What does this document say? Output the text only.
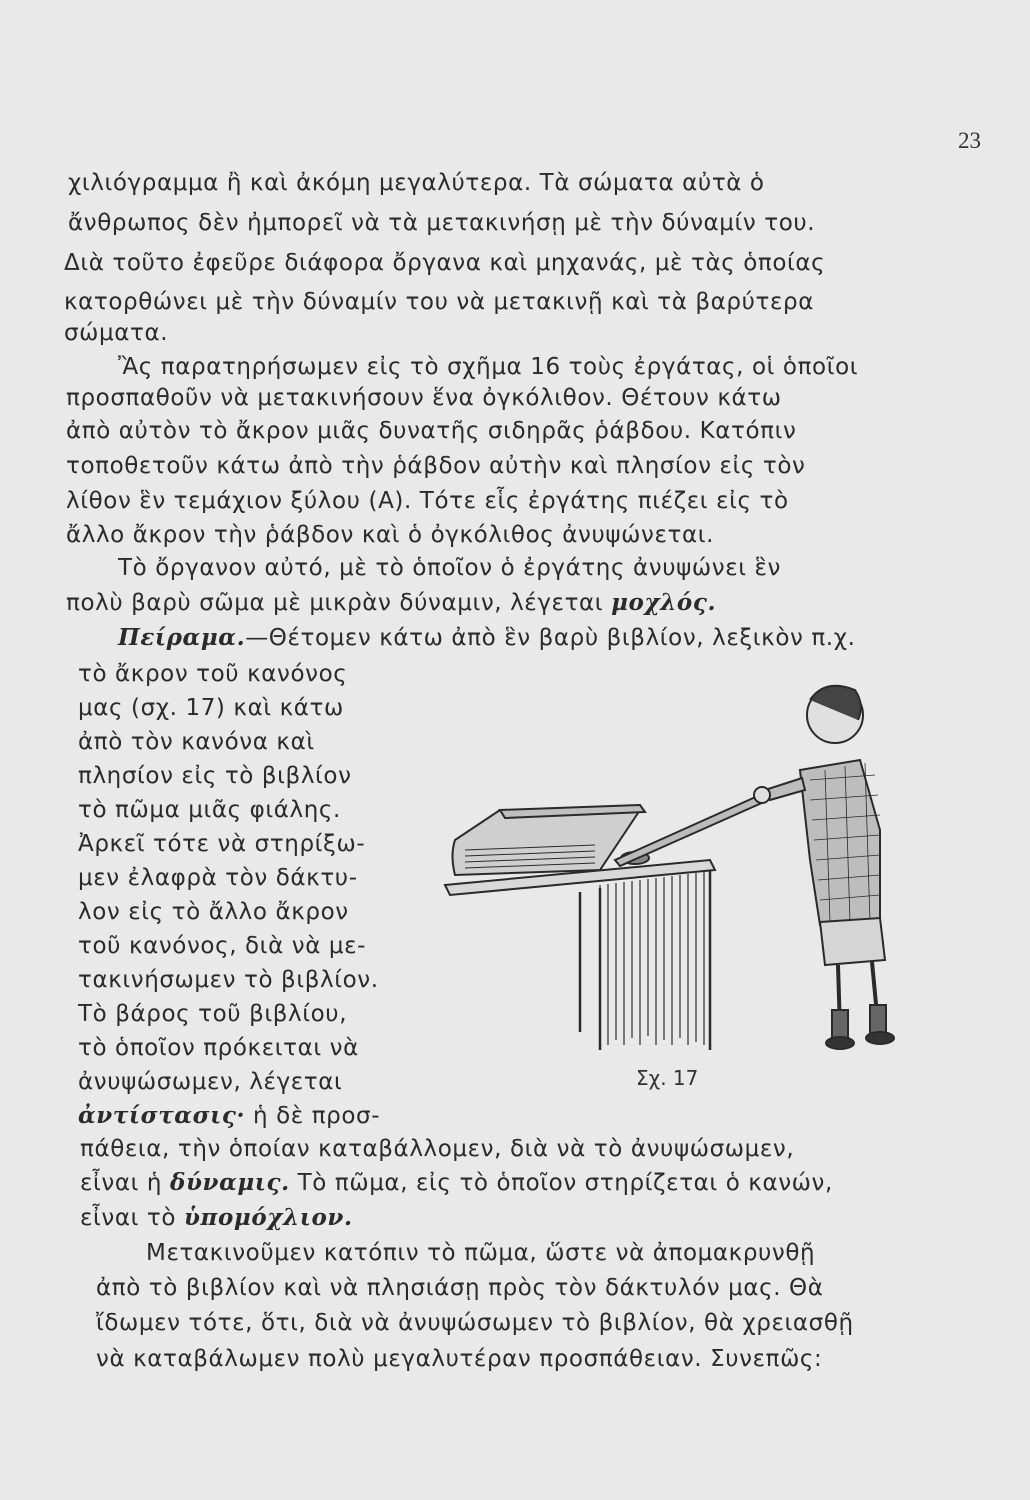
23
χιλιόγραμμα ἢ καὶ ἀκόμη μεγαλύτερα. Τὰ σώματα αὐτὰ ὁ
ἄνθρωπος δὲν ἠμπορεῖ νὰ τὰ μετακινήσῃ μὲ τὴν δύναμίν του.
Διὰ τοῦτο ἐφεῦρε διάφορα ὄργανα καὶ μηχανάς, μὲ τὰς ὁποίας
κατορθώνει μὲ τὴν δύναμίν του νὰ μετακινῇ καὶ τὰ βαρύτερα
σώματα.
Ἂς παρατηρήσωμεν εἰς τὸ σχῆμα 16 τοὺς ἐργάτας, οἱ ὁποῖοι
προσπαθοῦν νὰ μετακινήσουν ἕνα ὀγκόλιθον. Θέτουν κάτω
ἀπὸ αὐτὸν τὸ ἄκρον μιᾶς δυνατῆς σιδηρᾶς ῥάβδου. Κατόπιν
τοποθετοῦν κάτω ἀπὸ τὴν ῥάβδον αὐτὴν καὶ πλησίον εἰς τὸν
λίθον ἓν τεμάχιον ξύλου (Α). Τότε εἷς ἐργάτης πιέζει εἰς τὸ
ἄλλο ἄκρον τὴν ῥάβδον καὶ ὁ ὀγκόλιθος ἀνυψώνεται.
Τὸ ὄργανον αὐτό, μὲ τὸ ὁποῖον ὁ ἐργάτης ἀνυψώνει ἓν
πολὺ βαρὺ σῶμα μὲ μικρὰν δύναμιν, λέγεται μοχλός.
Πείραμα.—Θέτομεν κάτω ἀπὸ ἓν βαρὺ βιβλίον, λεξικὸν π.χ.
τὸ ἄκρον τοῦ κανόνος
μας (σχ. 17) καὶ κάτω
ἀπὸ τὸν κανόνα καὶ
πλησίον εἰς τὸ βιβλίον
τὸ πῶμα μιᾶς φιάλης.
Ἀρκεῖ τότε νὰ στηρίξω-
μεν ἐλαφρὰ τὸν δάκτυ-
λον εἰς τὸ ἄλλο ἄκρον
τοῦ κανόνος, διὰ νὰ με-
τακινήσωμεν τὸ βιβλίον.
Τὸ βάρος τοῦ βιβλίου,
τὸ ὁποῖον πρόκειται νὰ
ἀνυψώσωμεν, λέγεται
ἀντίστασις· ἡ δὲ προσ-
πάθεια, τὴν ὁποίαν καταβάλλομεν, διὰ νὰ τὸ ἀνυψώσωμεν,
εἶναι ἡ δύναμις. Τὸ πῶμα, εἰς τὸ ὁποῖον στηρίζεται ὁ κανών,
εἶναι τὸ ὑπομόχλιον.
Μετακινοῦμεν κατόπιν τὸ πῶμα, ὥστε νὰ ἀπομακρυνθῇ
ἀπὸ τὸ βιβλίον καὶ νὰ πλησιάσῃ πρὸς τὸν δάκτυλόν μας. Θὰ
ἴδωμεν τότε, ὅτι, διὰ νὰ ἀνυψώσωμεν τὸ βιβλίον, θὰ χρειασθῇ
νὰ καταβάλωμεν πολὺ μεγαλυτέραν προσπάθειαν. Συνεπῶς:
Σχ. 17
